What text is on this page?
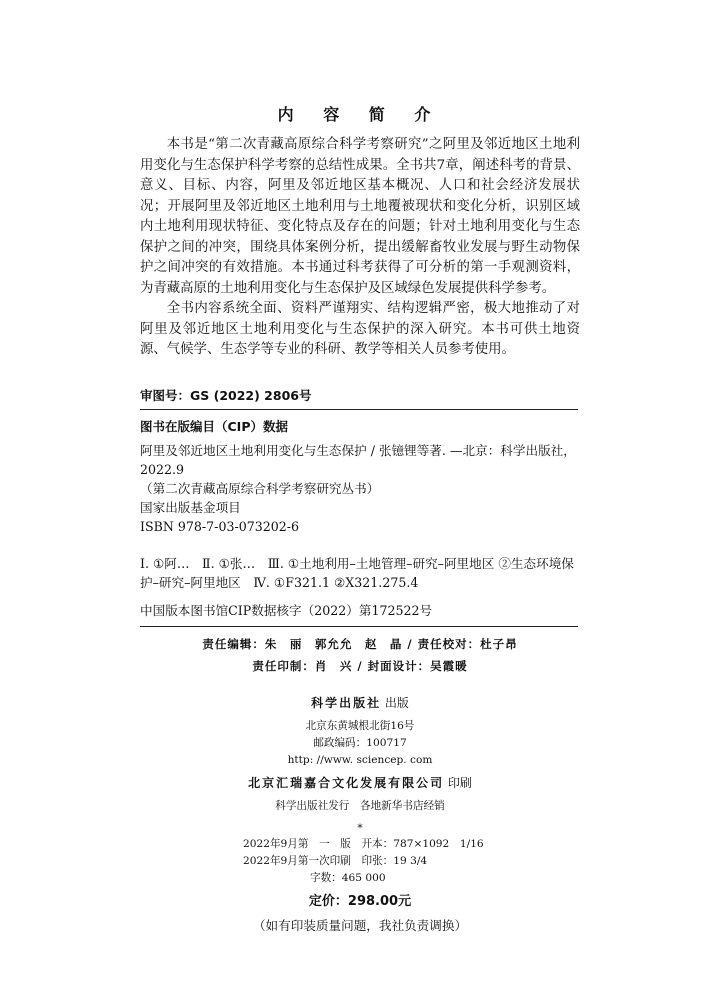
内 容 简 介

本书是“第二次青藏高原综合科学考察研究”之阿里及邻近地区土地利用变化与生态保护科学考察的总结性成果。全书共7章，阐述科考的背景、意义、目标、内容，阿里及邻近地区基本概况、人口和社会经济发展状况；开展阿里及邻近地区土地利用与土地覆被现状和变化分析，识别区域内土地利用现状特征、变化特点及存在的问题；针对土地利用变化与生态保护之间的冲突，围绕具体案例分析，提出缓解畜牧业发展与野生动物保护之间冲突的有效措施。本书通过科考获得了可分析的第一手观测资料，为青藏高原的土地利用变化与生态保护及区域绿色发展提供科学参考。

全书内容系统全面、资料严谨翔实、结构逻辑严密，极大地推动了对阿里及邻近地区土地利用变化与生态保护的深入研究。本书可供土地资源、气候学、生态学等专业的科研、教学等相关人员参考使用。

审图号：GS (2022) 2806号
图书在版编目（CIP）数据
阿里及邻近地区土地利用变化与生态保护 / 张镱锂等著. —北京：科学出版社，2022.9
（第二次青藏高原综合科学考察研究丛书）
国家出版基金项目
ISBN 978-7-03-073202-6
Ⅰ. ①阿…　Ⅱ. ①张…　Ⅲ. ①土地利用–土地管理–研究–阿里地区 ②生态环境保护–研究–阿里地区　Ⅳ. ①F321.1 ②X321.275.4
中国版本图书馆CIP数据核字（2022）第172522号
责任编辑：朱　丽　郭允允　赵　晶 / 责任校对：杜子昂
责任印制：肖　兴 / 封面设计：吴霞暖
科学出版社 出版
北京东黄城根北街16号
邮政编码：100717
http: //www. sciencep. com
北京汇瑞嘉合文化发展有限公司 印刷
科学出版社发行　各地新华书店经销
*
2022年9月第　一　版　开本：787×1092　1/16
2022年9月第一次印刷　印张：19 3/4
字数：465 000
定价：298.00元
（如有印装质量问题，我社负责调换）
